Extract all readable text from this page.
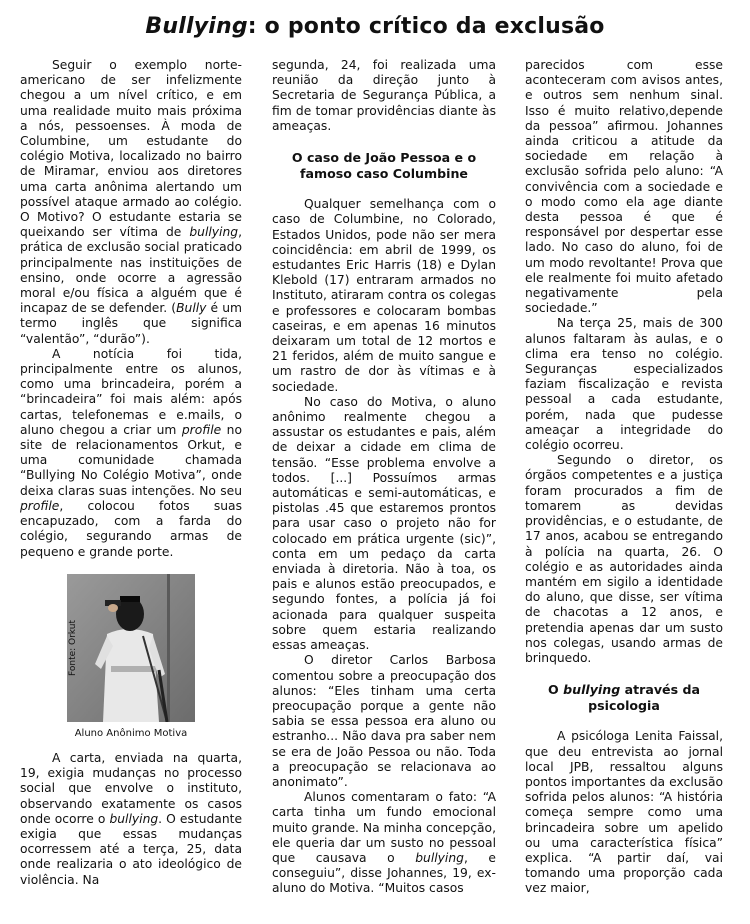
Bullying: o ponto crítico da exclusão

Seguir o exemplo norte-americano de ser infelizmente chegou a um nível crítico, e em uma realidade muito mais próxima a nós, pessoenses. À moda de Columbine, um estudante do colégio Motiva, localizado no bairro de Miramar, enviou aos diretores uma carta anônima alertando um possível ataque armado ao colégio. O Motivo? O estudante estaria se queixando ser vítima de bullying, prática de exclusão social praticado principalmente nas instituições de ensino, onde ocorre a agressão moral e/ou física a alguém que é incapaz de se defender. (Bully é um termo inglês que significa “valentão”, “durão”).

A notícia foi tida, principalmente entre os alunos, como uma brincadeira, porém a “brincadeira” foi mais além: após cartas, telefonemas e e.mails, o aluno chegou a criar um profile no site de relacionamentos Orkut, e uma comunidade chamada “Bullying No Colégio Motiva”, onde deixa claras suas intenções. No seu profile, colocou fotos suas encapuzado, com a farda do colégio, segurando armas de pequeno e grande porte.

Fonte: Orkut
Aluno Anônimo Motiva

A carta, enviada na quarta, 19, exigia mudanças no processo social que envolve o instituto, observando exatamente os casos onde ocorre o bullying. O estudante exigia que essas mudanças ocorressem até a terça, 25, data onde realizaria o ato ideológico de violência. Na

segunda, 24, foi realizada uma reunião da direção junto à Secretaria de Segurança Pública, a fim de tomar providências diante às ameaças.

O caso de João Pessoa e o famoso caso Columbine

Qualquer semelhança com o caso de Columbine, no Colorado, Estados Unidos, pode não ser mera coincidência: em abril de 1999, os estudantes Eric Harris (18) e Dylan Klebold (17) entraram armados no Instituto, atiraram contra os colegas e professores e colocaram bombas caseiras, e em apenas 16 minutos deixaram um total de 12 mortos e 21 feridos, além de muito sangue e um rastro de dor às vítimas e à sociedade.

No caso do Motiva, o aluno anônimo realmente chegou a assustar os estudantes e pais, além de deixar a cidade em clima de tensão. “Esse problema envolve a todos. [...] Possuímos armas automáticas e semi-automáticas, e pistolas .45 que estaremos prontos para usar caso o projeto não for colocado em prática urgente (sic)”, conta em um pedaço da carta enviada à diretoria. Não à toa, os pais e alunos estão preocupados, e segundo fontes, a polícia já foi acionada para qualquer suspeita sobre quem estaria realizando essas ameaças.

O diretor Carlos Barbosa comentou sobre a preocupação dos alunos: “Eles tinham uma certa preocupação porque a gente não sabia se essa pessoa era aluno ou estranho... Não dava pra saber nem se era de João Pessoa ou não. Toda a preocupação se relacionava ao anonimato”.

Alunos comentaram o fato: “A carta tinha um fundo emocional muito grande. Na minha concepção, ele queria dar um susto no pessoal que causava o bullying, e conseguiu”, disse Johannes, 19, ex-aluno do Motiva. “Muitos casos

parecidos com esse aconteceram com avisos antes, e outros sem nenhum sinal. Isso é muito relativo,depende da pessoa” afirmou. Johannes ainda criticou a atitude da sociedade em relação à exclusão sofrida pelo aluno: “A convivência com a sociedade e o modo como ela age diante desta pessoa é que é responsável por despertar esse lado. No caso do aluno, foi de um modo revoltante! Prova que ele realmente foi muito afetado negativamente pela sociedade.”

Na terça 25, mais de 300 alunos faltaram às aulas, e o clima era tenso no colégio. Seguranças especializados faziam fiscalização e revista pessoal a cada estudante, porém, nada que pudesse ameaçar a integridade do colégio ocorreu.

Segundo o diretor, os órgãos competentes e a justiça foram procurados a fim de tomarem as devidas providências, e o estudante, de 17 anos, acabou se entregando à polícia na quarta, 26. O colégio e as autoridades ainda mantém em sigilo a identidade do aluno, que disse, ser vítima de chacotas a 12 anos, e pretendia apenas dar um susto nos colegas, usando armas de brinquedo.

O bullying através da psicologia

A psicóloga Lenita Faissal, que deu entrevista ao jornal local JPB, ressaltou alguns pontos importantes da exclusão sofrida pelos alunos: “A história começa sempre como uma brincadeira sobre um apelido ou uma característica física” explica. “A partir daí, vai tomando uma proporção cada vez maior,
